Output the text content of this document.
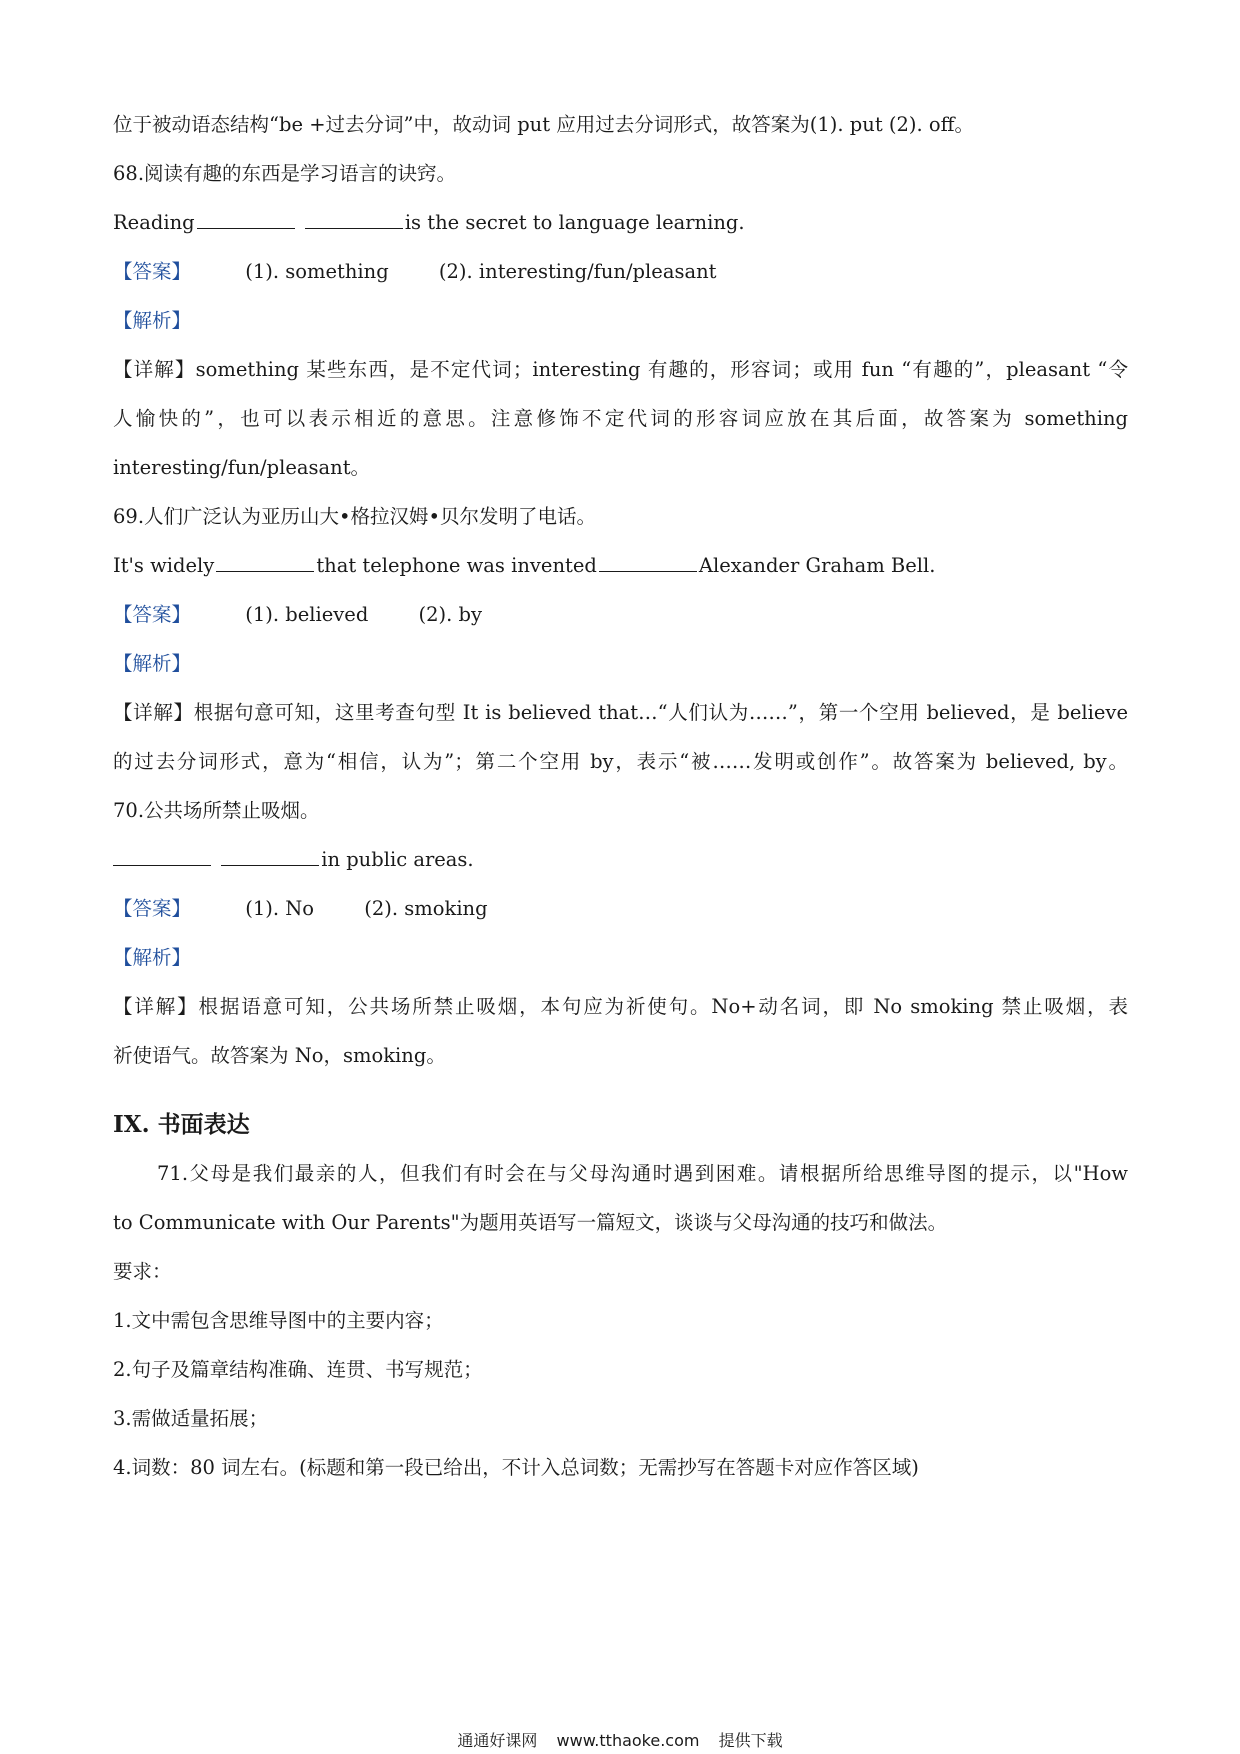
位于被动语态结构“be +过去分词”中，故动词 put 应用过去分词形式，故答案为(1). put (2). off。
68.阅读有趣的东西是学习语言的诀窍。
Reading	is the secret to language learning.
【答案】	(1). something	(2). interesting/fun/pleasant
【解析】
【详解】something 某些东西，是不定代词；interesting 有趣的，形容词；或用 fun “有趣的”，pleasant “令
人愉快的”，也可以表示相近的意思。注意修饰不定代词的形容词应放在其后面，故答案为 something
interesting/fun/pleasant。
69.人们广泛认为亚历山大•格拉汉姆•贝尔发明了电话。
It's widely	that telephone was invented	Alexander Graham Bell.
【答案】	(1). believed	(2). by
【解析】
【详解】根据句意可知，这里考查句型 It is believed that…“人们认为……”，第一个空用 believed，是 believe
的过去分词形式，意为“相信，认为”；第二个空用 by，表示“被……发明或创作”。故答案为 believed, by。
70.公共场所禁止吸烟。
in public areas.
【答案】	(1). No	(2). smoking
【解析】
【详解】根据语意可知，公共场所禁止吸烟，本句应为祈使句。No+动名词，即 No smoking 禁止吸烟，表
祈使语气。故答案为 No，smoking。
IX. 书面表达
71.父母是我们最亲的人，但我们有时会在与父母沟通时遇到困难。请根据所给思维导图的提示，以"How
to Communicate with Our Parents"为题用英语写一篇短文，谈谈与父母沟通的技巧和做法。
要求：
1.文中需包含思维导图中的主要内容；
2.句子及篇章结构准确、连贯、书写规范；
3.需做适量拓展；
4.词数：80 词左右。(标题和第一段已给出，不计入总词数；无需抄写在答题卡对应作答区域)
通通好课网 www.tthaoke.com 提供下载
